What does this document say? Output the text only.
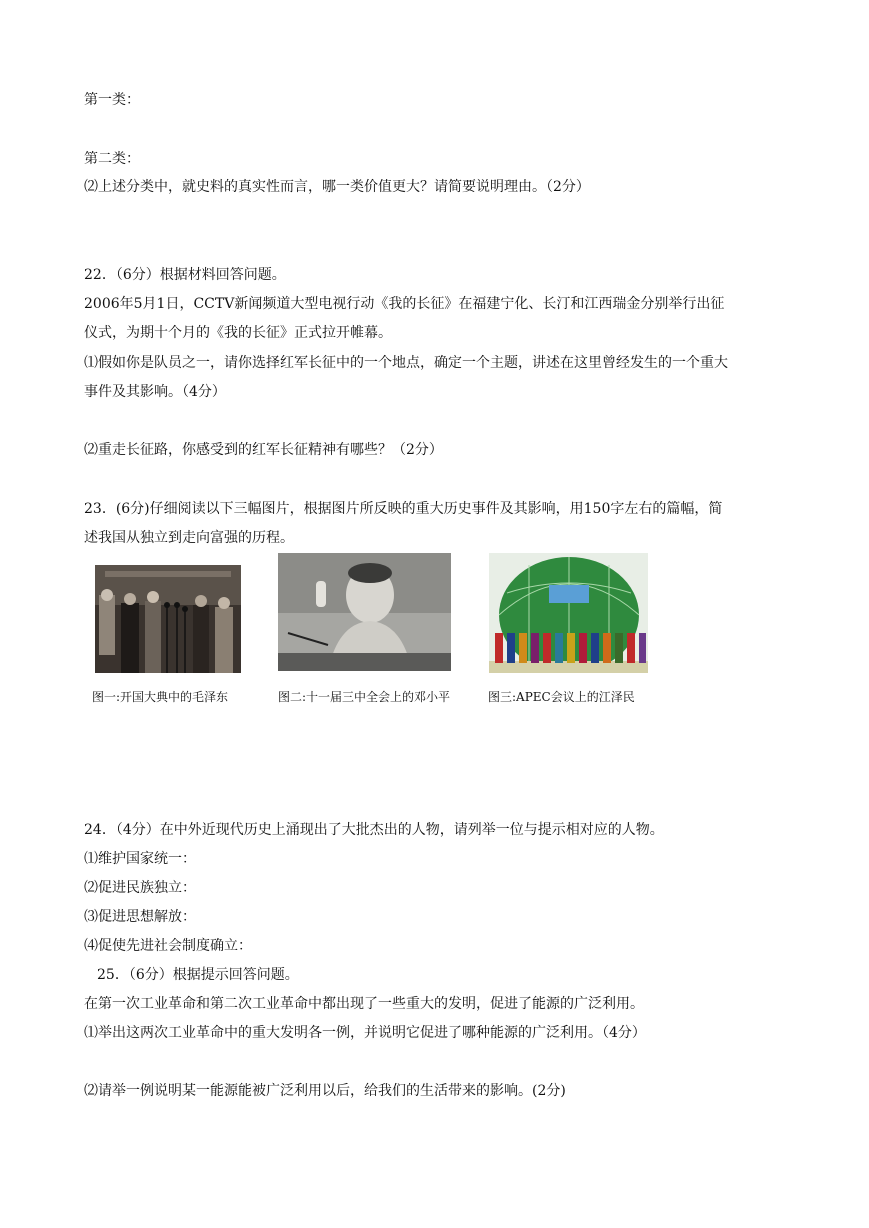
第一类：
第二类：
⑵上述分类中，就史料的真实性而言，哪一类价值更大？请简要说明理由。（2分）
22．（6分）根据材料回答问题。
2006年5月1日，CCTV新闻频道大型电视行动《我的长征》在福建宁化、长汀和江西瑞金分别举行出征
仪式，为期十个月的《我的长征》正式拉开帷幕。
⑴假如你是队员之一，请你选择红军长征中的一个地点，确定一个主题，讲述在这里曾经发生的一个重大
事件及其影响。（4分）
⑵重走长征路，你感受到的红军长征精神有哪些？（2分）
23．(6分)仔细阅读以下三幅图片，根据图片所反映的重大历史事件及其影响，用150字左右的篇幅，简
述我国从独立到走向富强的历程。
图一:开国大典中的毛泽东	图二:十一届三中全会上的邓小平	图三:APEC会议上的江泽民
24．（4分）在中外近现代历史上涌现出了大批杰出的人物，请列举一位与提示相对应的人物。
⑴维护国家统一：
⑵促进民族独立：
⑶促进思想解放：
⑷促使先进社会制度确立：
25．（6分）根据提示回答问题。
在第一次工业革命和第二次工业革命中都出现了一些重大的发明，促进了能源的广泛利用。
⑴举出这两次工业革命中的重大发明各一例，并说明它促进了哪种能源的广泛利用。（4分）
⑵请举一例说明某一能源能被广泛利用以后，给我们的生活带来的影响。(2分)
